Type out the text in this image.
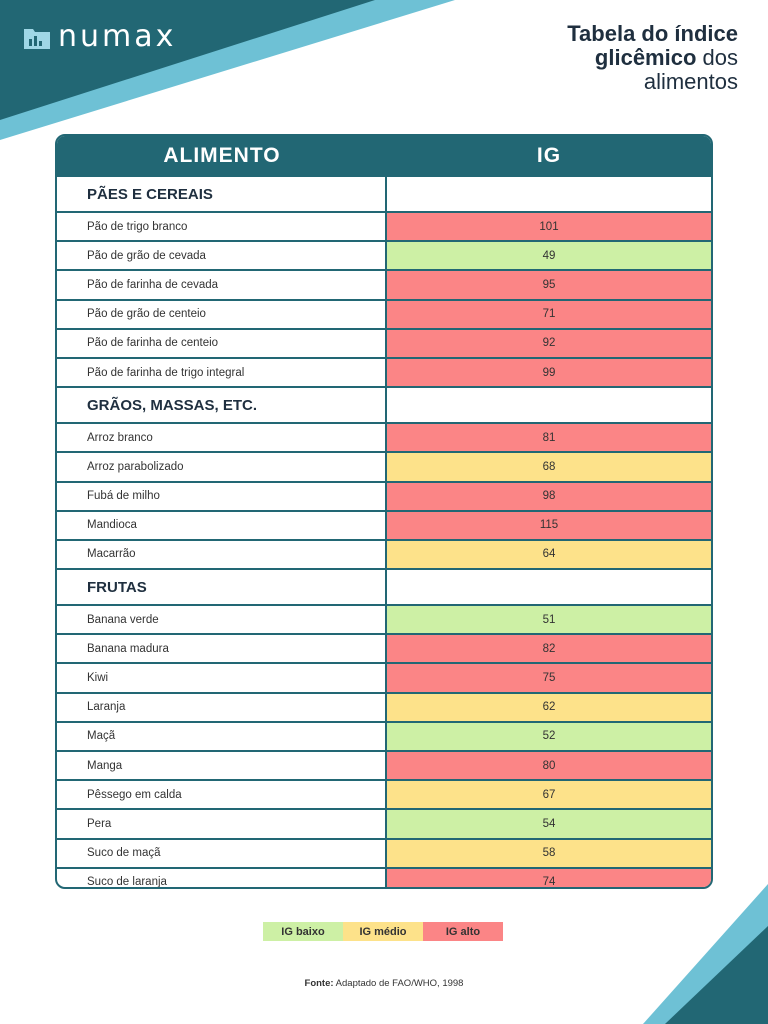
numax	Tabela do índice
glicêmico dos
alimentos
ALIMENTO	IG
PÃES E CEREAIS
Pão de trigo branco	101
Pão de grão de cevada	49
Pão de farinha de cevada	95
Pão de grão de centeio	71
Pão de farinha de centeio	92
Pão de farinha de trigo integral	99
GRÃOS, MASSAS, ETC.
Arroz branco	81
Arroz parabolizado	68
Fubá de milho	98
Mandioca	115
Macarrão	64
FRUTAS
Banana verde	51
Banana madura	82
Kiwi	75
Laranja	62
Maçã	52
Manga	80
Pêssego em calda	67
Pera	54
Suco de maçã	58
Suco de laranja	74
IG baixo	IG médio	IG alto
Fonte: Adaptado de FAO/WHO, 1998
